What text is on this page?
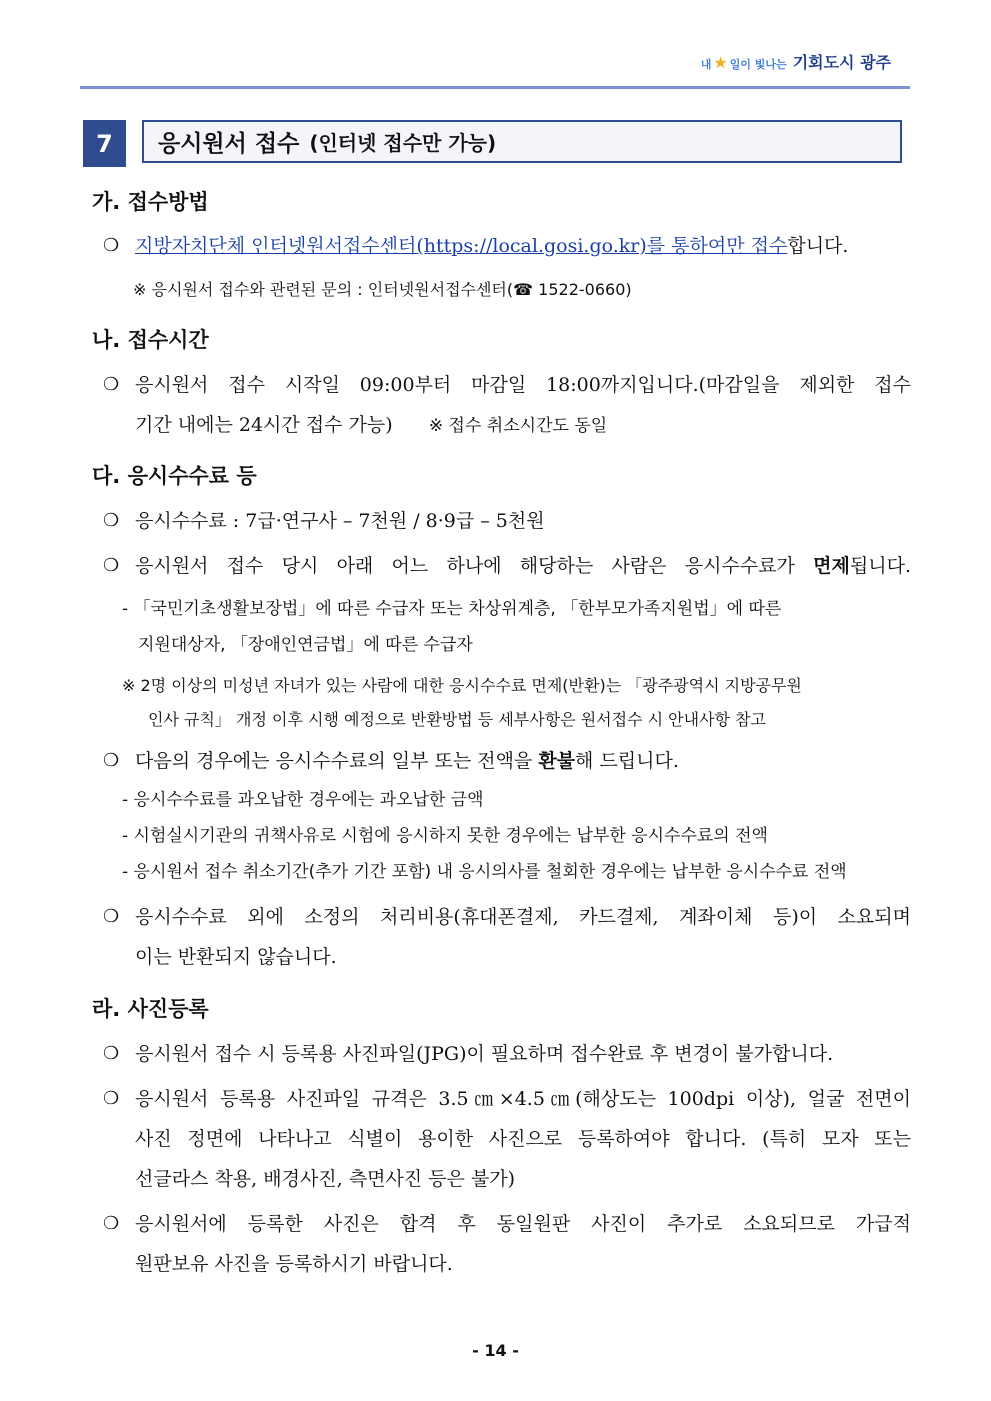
내 ★ 일이 빛나는 기회도시 광주
7	응시원서 접수 (인터넷 접수만 가능)
가. 접수방법
❍ 지방자치단체 인터넷원서접수센터(https://local.gosi.go.kr)를 통하여만 접수합니다.
※ 응시원서 접수와 관련된 문의 : 인터넷원서접수센터(☎ 1522-0660)
나. 접수시간
❍ 응시원서 접수 시작일 09:00부터 마감일 18:00까지입니다.(마감일을 제외한 접수
기간 내에는 24시간 접수 가능) ※ 접수 취소시간도 동일
다. 응시수수료 등
❍ 응시수수료 : 7급·연구사 – 7천원 / 8·9급 – 5천원
❍ 응시원서 접수 당시 아래 어느 하나에 해당하는 사람은 응시수수료가 면제됩니다.
- 「국민기초생활보장법」에 따른 수급자 또는 차상위계층, 「한부모가족지원법」에 따른
지원대상자, 「장애인연금법」에 따른 수급자
※ 2명 이상의 미성년 자녀가 있는 사람에 대한 응시수수료 면제(반환)는 「광주광역시 지방공무원
인사 규칙」 개정 이후 시행 예정으로 반환방법 등 세부사항은 원서접수 시 안내사항 참고
❍ 다음의 경우에는 응시수수료의 일부 또는 전액을 환불해 드립니다.
- 응시수수료를 과오납한 경우에는 과오납한 금액
- 시험실시기관의 귀책사유로 시험에 응시하지 못한 경우에는 납부한 응시수수료의 전액
- 응시원서 접수 취소기간(추가 기간 포함) 내 응시의사를 철회한 경우에는 납부한 응시수수료 전액
❍ 응시수수료 외에 소정의 처리비용(휴대폰결제, 카드결제, 계좌이체 등)이 소요되며
이는 반환되지 않습니다.
라. 사진등록
❍ 응시원서 접수 시 등록용 사진파일(JPG)이 필요하며 접수완료 후 변경이 불가합니다.
❍ 응시원서 등록용 사진파일 규격은 3.5㎝×4.5㎝(해상도는 100dpi 이상), 얼굴 전면이
사진 정면에 나타나고 식별이 용이한 사진으로 등록하여야 합니다. (특히 모자 또는
선글라스 착용, 배경사진, 측면사진 등은 불가)
❍ 응시원서에 등록한 사진은 합격 후 동일원판 사진이 추가로 소요되므로 가급적
원판보유 사진을 등록하시기 바랍니다.
- 14 -
